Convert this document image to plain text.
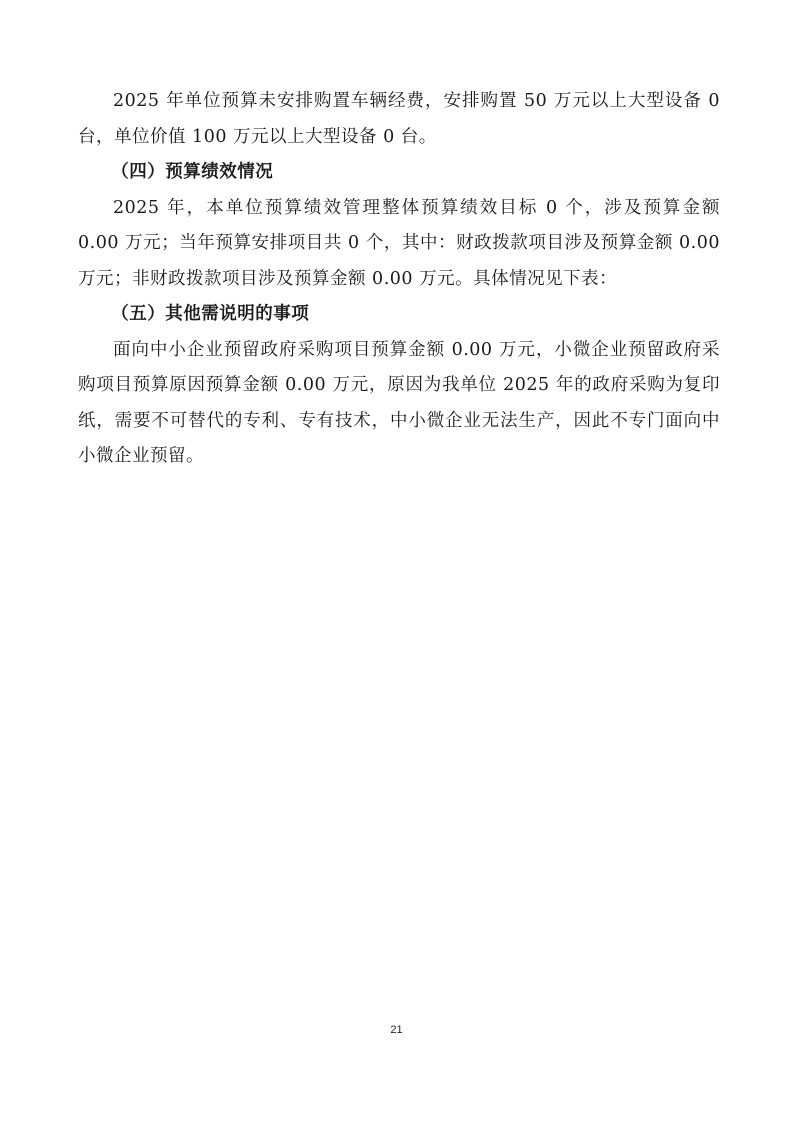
2025 年单位预算未安排购置车辆经费，安排购置 50 万元以上大型设备 0 台，单位价值 100 万元以上大型设备 0 台。

（四）预算绩效情况

2025 年，本单位预算绩效管理整体预算绩效目标 0 个，涉及预算金额 0.00 万元；当年预算安排项目共 0 个，其中：财政拨款项目涉及预算金额 0.00 万元；非财政拨款项目涉及预算金额 0.00 万元。具体情况见下表：

（五）其他需说明的事项

面向中小企业预留政府采购项目预算金额 0.00 万元，小微企业预留政府采购项目预算原因预算金额 0.00 万元，原因为我单位 2025 年的政府采购为复印纸，需要不可替代的专利、专有技术，中小微企业无法生产，因此不专门面向中小微企业预留。

21
